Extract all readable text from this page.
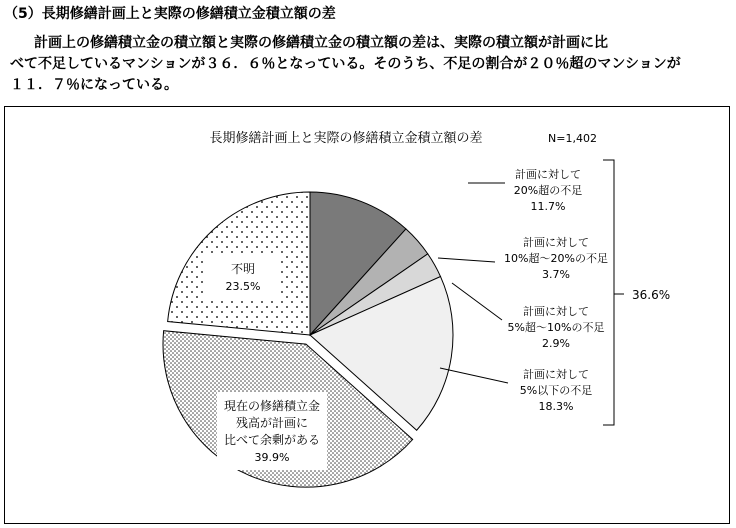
（5）長期修繕計画上と実際の修繕積立金積立額の差
計画上の修繕積立金の積立額と実際の修繕積立金の積立額の差は、実際の積立額が計画に比
べて不足しているマンションが３６．６％となっている。そのうち、不足の割合が２０％超のマンションが
１１．７％になっている。
長期修繕計画上と実際の修繕積立金積立額の差	N=1,402
計画に対して
20%超の不足
11.7%
計画に対して
10%超～20%の不足
3.7%
計画に対して
5%超～10%の不足
2.9%
計画に対して
5%以下の不足
18.3%
現在の修繕積立金
残高が計画に
比べて余剰がある
39.9%
不明
23.5%
36.6%
